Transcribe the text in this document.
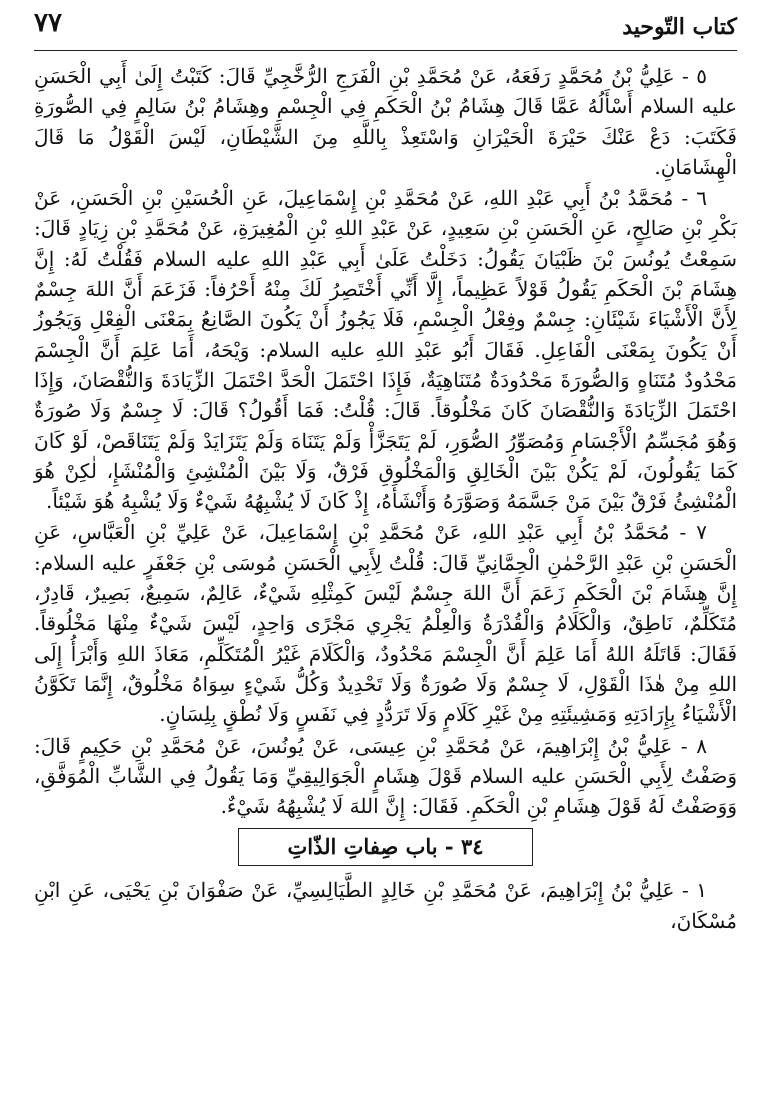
كتاب التّوحيد
٧٧

٥ - عَلِيُّ بْنُ مُحَمَّدٍ رَفَعَهُ، عَنْ مُحَمَّدِ بْنِ الْفَرَجِ الرُّخَّجِيِّ قَالَ: كَتَبْتُ إِلَىٰ أَبِي الْحَسَنِ عليه السلام أَسْأَلُهُ عَمَّا قَالَ هِشَامُ بْنُ الْحَكَمِ فِي الْجِسْمِ وهِشَامُ بْنُ سَالِمٍ فِي الصُّورَةِ فَكَتَبَ: دَعْ عَنْكَ حَيْرَةَ الْحَيْرَانِ وَاسْتَعِذْ بِاللَّهِ مِنَ الشَّيْطَانِ، لَيْسَ الْقَوْلُ مَا قَالَ الْهِشَامَانِ.

٦ - مُحَمَّدُ بْنُ أَبِي عَبْدِ اللهِ، عَنْ مُحَمَّدِ بْنِ إِسْمَاعِيلَ، عَنِ الْحُسَيْنِ بْنِ الْحَسَنِ، عَنْ بَكْرِ بْنِ صَالِحٍ، عَنِ الْحَسَنِ بْنِ سَعِيدٍ، عَنْ عَبْدِ اللهِ بْنِ الْمُغِيرَةِ، عَنْ مُحَمَّدِ بْنِ زِيَادٍ قَالَ: سَمِعْتُ يُونُسَ بْنَ ظَبْيَانَ يَقُولُ: دَخَلْتُ عَلَىٰ أَبِي عَبْدِ اللهِ عليه السلام فَقُلْتُ لَهُ: إِنَّ هِشَامَ بْنَ الْحَكَمِ يَقُولُ قَوْلاً عَظِيماً، إِلَّا أَنِّي أَخْتَصِرُ لَكَ مِنْهُ أَحْرُفاً: فَزَعَمَ أَنَّ اللهَ جِسْمٌ لِأَنَّ الْأَشْيَاءَ شَيْئَانِ: جِسْمٌ وفِعْلُ الْجِسْمِ، فَلَا يَجُوزُ أَنْ يَكُونَ الصَّانِعُ بِمَعْنَى الْفِعْلِ وَيَجُوزُ أَنْ يَكُونَ بِمَعْنَى الْفَاعِلِ. فَقَالَ أَبُو عَبْدِ اللهِ عليه السلام: وَيْحَهُ، أَمَا عَلِمَ أَنَّ الْجِسْمَ مَحْدُودٌ مُتَنَاهٍ وَالصُّورَةَ مَحْدُودَةٌ مُتَنَاهِيَةٌ، فَإِذَا احْتَمَلَ الْحَدَّ احْتَمَلَ الزِّيَادَةَ وَالنُّقْصَانَ، وَإِذَا احْتَمَلَ الزِّيَادَةَ وَالنُّقْصَانَ كَانَ مَخْلُوقاً. قَالَ: قُلْتُ: فَمَا أَقُولُ؟ قَالَ: لَا جِسْمٌ وَلَا صُورَةٌ وَهُوَ مُجَسِّمُ الْأَجْسَامِ وَمُصَوِّرُ الصُّوَرِ، لَمْ يَتَجَزَّأْ وَلَمْ يَتَنَاهَ وَلَمْ يَتَزَايَدْ وَلَمْ يَتَنَاقَصْ، لَوْ كَانَ كَمَا يَقُولُونَ، لَمْ يَكُنْ بَيْنَ الْخَالِقِ وَالْمَخْلُوقِ فَرْقٌ، وَلَا بَيْنَ الْمُنْشِئِ وَالْمُنْشَإِ، لٰكِنْ هُوَ الْمُنْشِئُ فَرْقٌ بَيْنَ مَنْ جَسَّمَهُ وَصَوَّرَهُ وَأَنْشَأَهُ، إِذْ كَانَ لَا يُشْبِهُهُ شَيْءٌ وَلَا يُشْبِهُ هُوَ شَيْئاً.

٧ - مُحَمَّدُ بْنُ أَبِي عَبْدِ اللهِ، عَنْ مُحَمَّدِ بْنِ إِسْمَاعِيلَ، عَنْ عَلِيِّ بْنِ الْعَبَّاسِ، عَنِ الْحَسَنِ بْنِ عَبْدِ الرَّحْمٰنِ الْحِمَّانِيِّ قَالَ: قُلْتُ لِأَبِي الْحَسَنِ مُوسَى بْنِ جَعْفَرٍ عليه السلام: إِنَّ هِشَامَ بْنَ الْحَكَمِ زَعَمَ أَنَّ اللهَ جِسْمٌ لَيْسَ كَمِثْلِهِ شَيْءٌ، عَالِمٌ، سَمِيعٌ، بَصِيرٌ، قَادِرٌ، مُتَكَلِّمٌ، نَاطِقٌ، وَالْكَلَامُ وَالْقُدْرَةُ وَالْعِلْمُ يَجْرِي مَجْرًى وَاحِدٍ، لَيْسَ شَيْءٌ مِنْهَا مَخْلُوقاً. فَقَالَ: قَاتَلَهُ اللهُ أَمَا عَلِمَ أَنَّ الْجِسْمَ مَحْدُودٌ، وَالْكَلَامَ غَيْرُ الْمُتَكَلِّمِ، مَعَاذَ اللهِ وَأَبْرَأُ إِلَى اللهِ مِنْ هٰذَا الْقَوْلِ، لَا جِسْمٌ وَلَا صُورَةٌ وَلَا تَحْدِيدٌ وَكُلُّ شَيْءٍ سِوَاهُ مَخْلُوقٌ، إِنَّمَا تَكَوَّنُ الْأَشْيَاءُ بِإِرَادَتِهِ وَمَشِيئَتِهِ مِنْ غَيْرِ كَلَامٍ وَلَا تَرَدُّدٍ فِي نَفَسٍ وَلَا نُطْقٍ بِلِسَانٍ.

٨ - عَلِيُّ بْنُ إِبْرَاهِيمَ، عَنْ مُحَمَّدِ بْنِ عِيسَى، عَنْ يُونُسَ، عَنْ مُحَمَّدِ بْنِ حَكِيمٍ قَالَ: وَصَفْتُ لِأَبِي الْحَسَنِ عليه السلام قَوْلَ هِشَامٍ الْجَوَالِيقِيِّ وَمَا يَقُولُ فِي الشَّابِّ الْمُوَفَّقِ، وَوَصَفْتُ لَهُ قَوْلَ هِشَامِ بْنِ الْحَكَمِ. فَقَالَ: إِنَّ اللهَ لَا يُشْبِهُهُ شَيْءٌ.

٣٤ - باب صِفاتِ الذّاتِ

١ - عَلِيُّ بْنُ إِبْرَاهِيمَ، عَنْ مُحَمَّدِ بْنِ خَالِدٍ الطَّيَالِسِيِّ، عَنْ صَفْوَانَ بْنِ يَحْيَى، عَنِ ابْنِ مُسْكَانَ،
